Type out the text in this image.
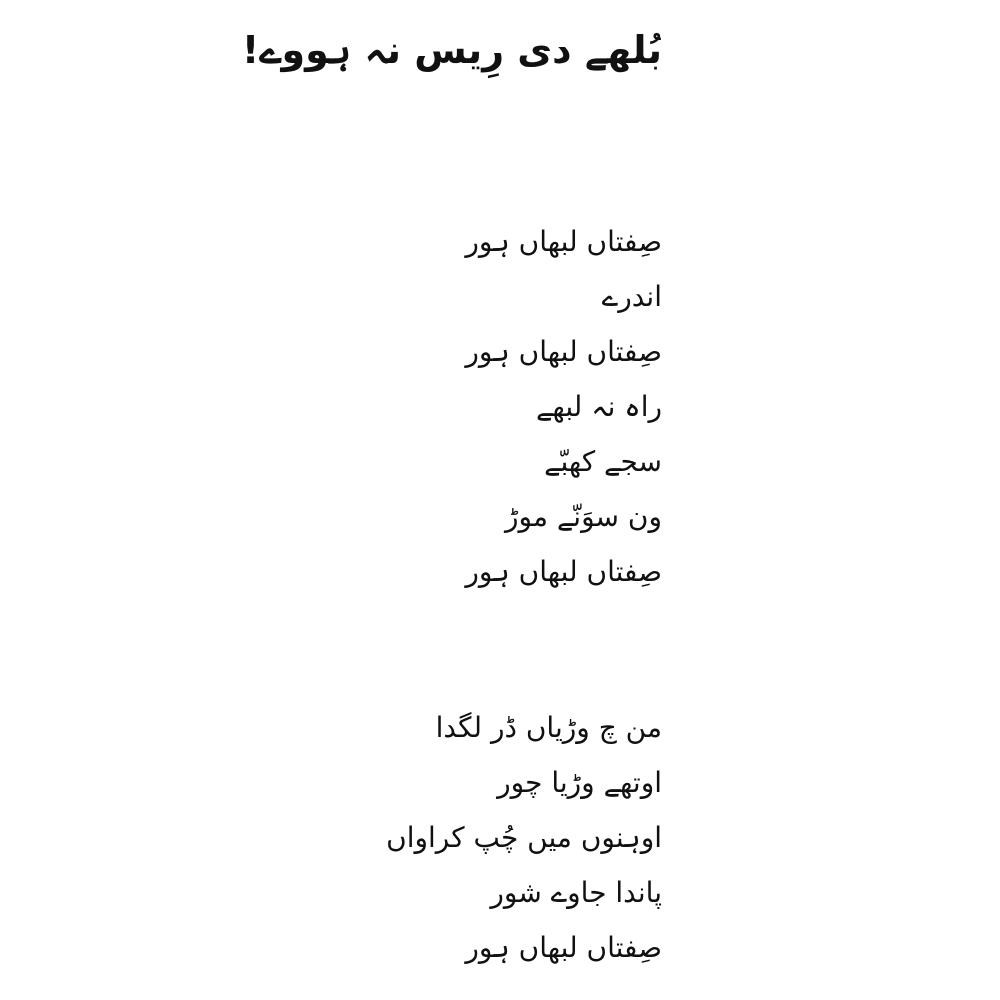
بُلھے دی رِیس نہ ہووے!
صِفتاں لبھاں ہور
اندرے
صِفتاں لبھاں ہور
راہ نہ لبھے
سجے کھبّے
ون سوَنّے موڑ
صِفتاں لبھاں ہور
من چ وڑیاں ڈر لگدا
اوتھے وڑیا چور
اوہنوں میں چُپ کراواں
پاندا جاوے شور
صِفتاں لبھاں ہور
